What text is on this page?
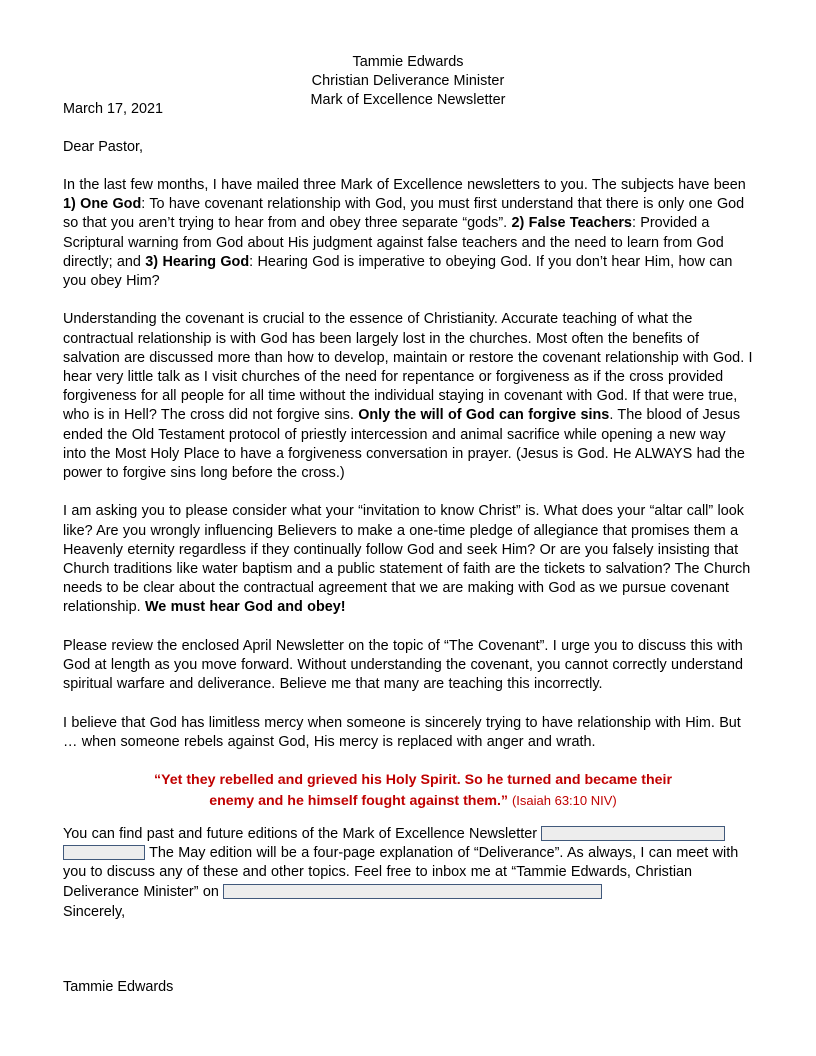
Tammie Edwards
Christian Deliverance Minister
Mark of Excellence Newsletter
March 17, 2021
Dear Pastor,

In the last few months, I have mailed three Mark of Excellence newsletters to you. The subjects have been 1) One God: To have covenant relationship with God, you must first understand that there is only one God so that you aren’t trying to hear from and obey three separate “gods”. 2) False Teachers: Provided a Scriptural warning from God about His judgment against false teachers and the need to learn from God directly; and 3) Hearing God: Hearing God is imperative to obeying God. If you don’t hear Him, how can you obey Him?

Understanding the covenant is crucial to the essence of Christianity. Accurate teaching of what the contractual relationship is with God has been largely lost in the churches. Most often the benefits of salvation are discussed more than how to develop, maintain or restore the covenant relationship with God. I hear very little talk as I visit churches of the need for repentance or forgiveness as if the cross provided forgiveness for all people for all time without the individual staying in covenant with God. If that were true, who is in Hell? The cross did not forgive sins. Only the will of God can forgive sins. The blood of Jesus ended the Old Testament protocol of priestly intercession and animal sacrifice while opening a new way into the Most Holy Place to have a forgiveness conversation in prayer. (Jesus is God. He ALWAYS had the power to forgive sins long before the cross.)

I am asking you to please consider what your “invitation to know Christ” is. What does your “altar call” look like? Are you wrongly influencing Believers to make a one-time pledge of allegiance that promises them a Heavenly eternity regardless if they continually follow God and seek Him? Or are you falsely insisting that Church traditions like water baptism and a public statement of faith are the tickets to salvation? The Church needs to be clear about the contractual agreement that we are making with God as we pursue covenant relationship. We must hear God and obey!

Please review the enclosed April Newsletter on the topic of “The Covenant”. I urge you to discuss this with God at length as you move forward. Without understanding the covenant, you cannot correctly understand spiritual warfare and deliverance. Believe me that many are teaching this incorrectly.

I believe that God has limitless mercy when someone is sincerely trying to have relationship with Him. But … when someone rebels against God, His mercy is replaced with anger and wrath.

“Yet they rebelled and grieved his Holy Spirit. So he turned and became their enemy and he himself fought against them.” (Isaiah 63:10 NIV)

You can find past and future editions of the Mark of Excellence Newsletter  The May edition will be a four-page explanation of “Deliverance”. As always, I can meet with you to discuss any of these and other topics. Feel free to inbox me at “Tammie Edwards, Christian Deliverance Minister” on

Sincerely,
Tammie Edwards
